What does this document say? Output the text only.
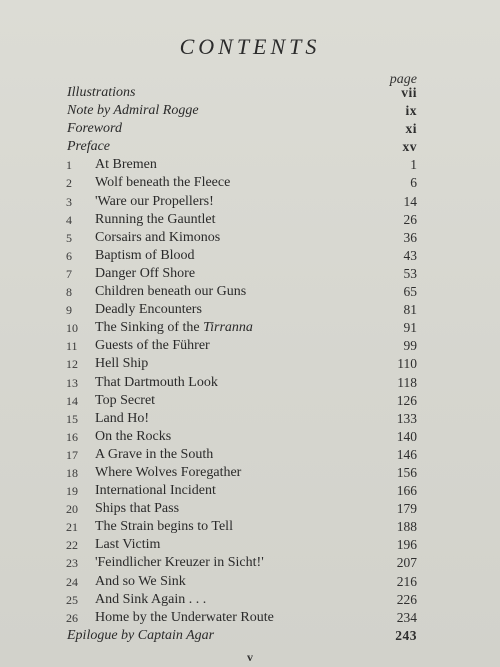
CONTENTS
page
Illustrations	vii
Note by Admiral Rogge	ix
Foreword	xi
Preface	xv
1	At Bremen	1
2	Wolf beneath the Fleece	6
3	'Ware our Propellers!	14
4	Running the Gauntlet	26
5	Corsairs and Kimonos	36
6	Baptism of Blood	43
7	Danger Off Shore	53
8	Children beneath our Guns	65
9	Deadly Encounters	81
10	The Sinking of the Tirranna	91
11	Guests of the Führer	99
12	Hell Ship	110
13	That Dartmouth Look	118
14	Top Secret	126
15	Land Ho!	133
16	On the Rocks	140
17	A Grave in the South	146
18	Where Wolves Foregather	156
19	International Incident	166
20	Ships that Pass	179
21	The Strain begins to Tell	188
22	Last Victim	196
23	'Feindlicher Kreuzer in Sicht!'	207
24	And so We Sink	216
25	And Sink Again . . .	226
26	Home by the Underwater Route	234
Epilogue by Captain Agar	243
v
